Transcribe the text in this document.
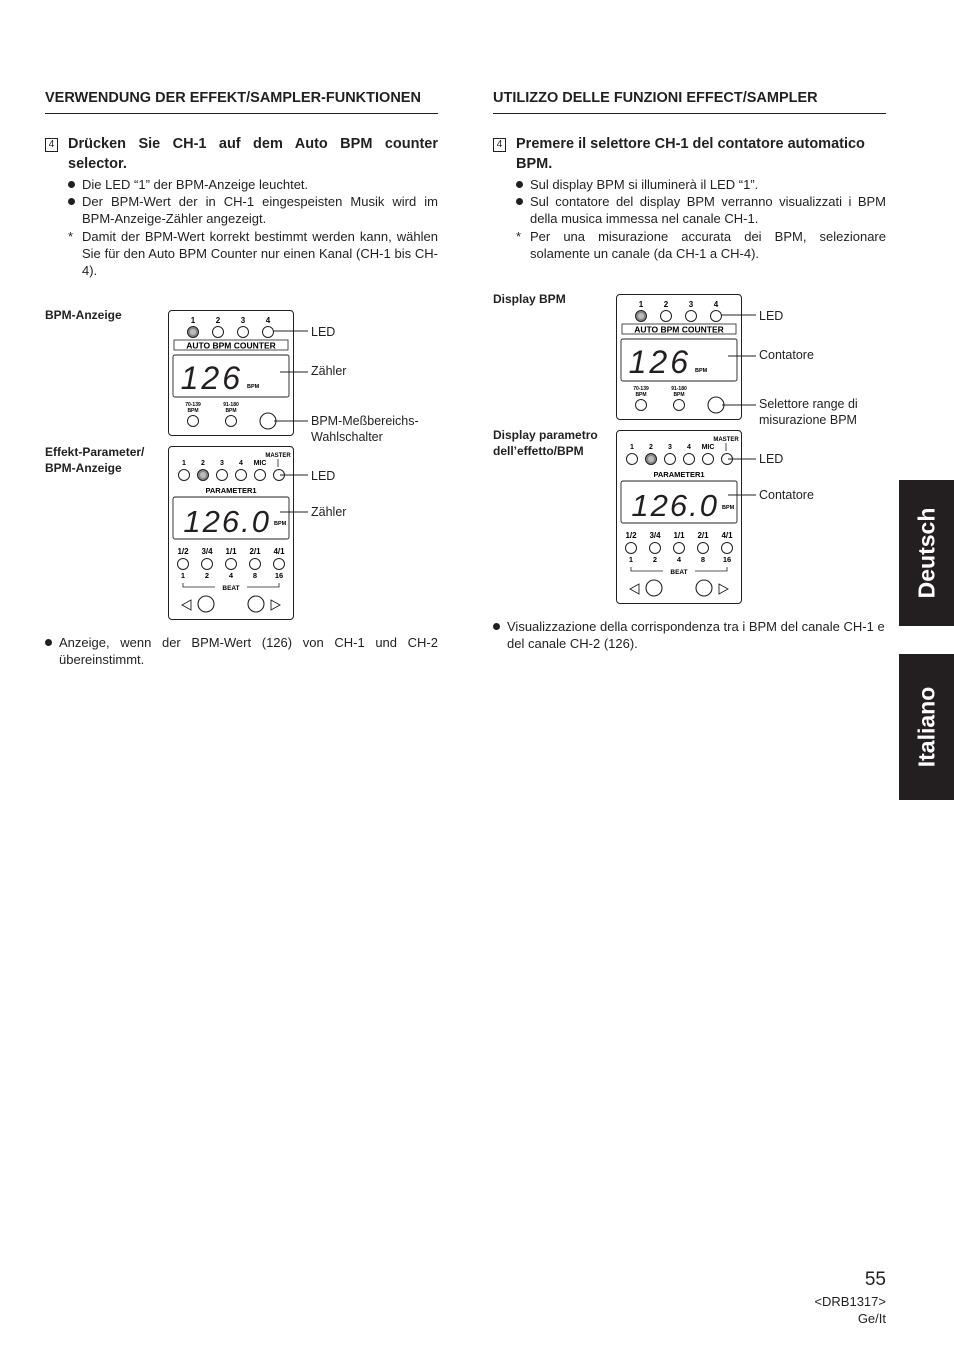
VERWENDUNG DER EFFEKT/SAMPLER-FUNKTIONEN
4 Drücken Sie CH-1 auf dem Auto BPM counter selector.
Die LED “1” der BPM-Anzeige leuchtet.
Der BPM-Wert der in CH-1 eingespeisten Musik wird im BPM-Anzeige-Zähler angezeigt.
* Damit der BPM-Wert korrekt bestimmt werden kann, wählen Sie für den Auto BPM Counter nur einen Kanal (CH-1 bis CH-4).
BPM-Anzeige
Effekt-Parameter/ BPM-Anzeige
1	2	3	4
AUTO BPM COUNTER
126 BPM
70-139
BPM
91-180
BPM
MASTER
1 2 3 4 MIC
PARAMETER1
126.0 BPM
1/2 3/4 1/1 2/1 4/1
1	2	4	8 16
BEAT
LED
Zähler
BPM-Meßbereichs- Wahlschalter
LED
Zähler
Anzeige, wenn der BPM-Wert (126) von CH-1 und CH-2 übereinstimmt.
UTILIZZO DELLE FUNZIONI EFFECT/SAMPLER
4 Premere il selettore CH-1 del contatore automatico BPM.
Sul display BPM si illuminerà il LED “1”.
Sul contatore del display BPM verranno visualizzati i BPM della musica immessa nel canale CH-1.
* Per una misurazione accurata dei BPM, selezionare solamente un canale (da CH-1 a CH-4).
Display BPM
Display parametro dell’effetto/BPM
1	2	3	4
AUTO BPM COUNTER
126 BPM
70-139
BPM
91-180
BPM
MASTER
1 2 3 4 MIC
PARAMETER1
126.0 BPM
1/2 3/4 1/1 2/1 4/1
1	2	4	8 16
BEAT
LED
Contatore
Selettore range di misurazione BPM
LED
Contatore
Visualizzazione della corrispondenza tra i BPM del canale CH-1 e del canale CH-2 (126).
Deutsch
Italiano
55
<DRB1317>
Ge/It
